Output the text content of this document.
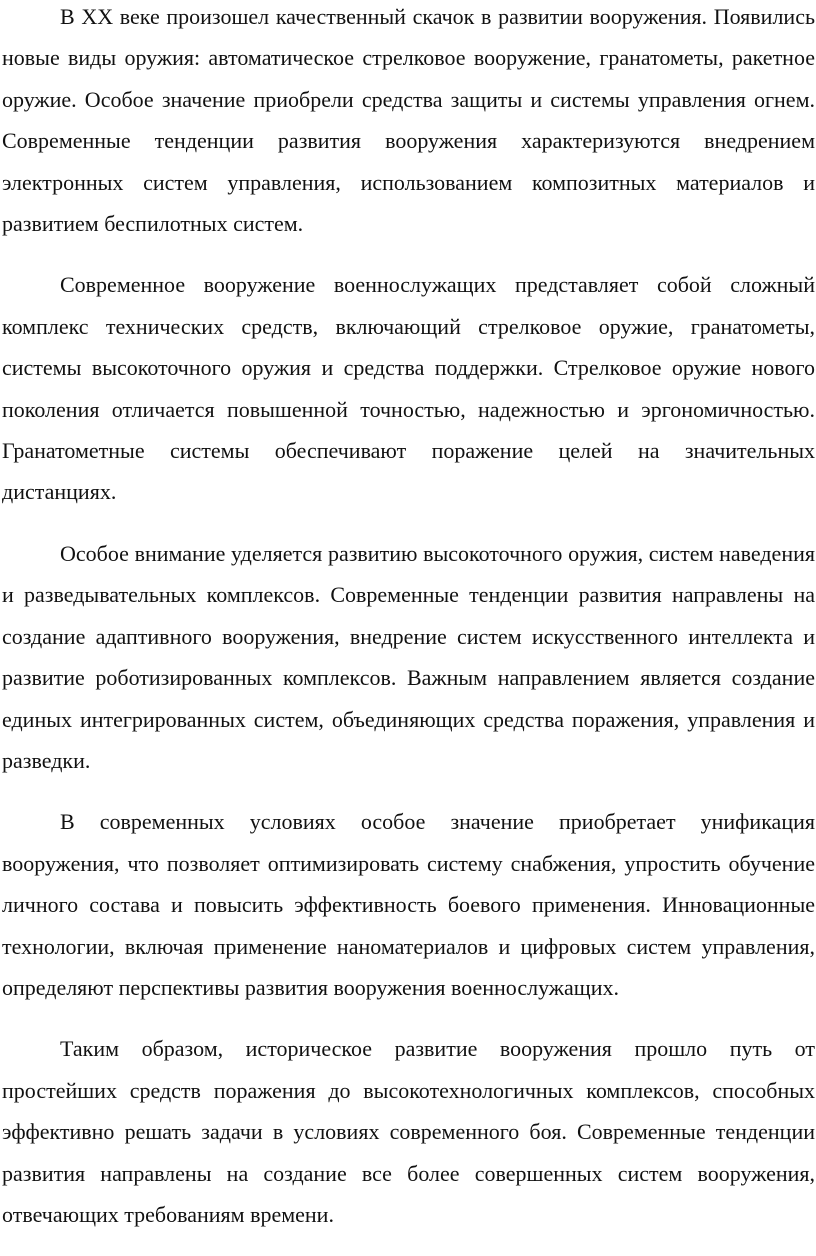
В XX веке произошел качественный скачок в развитии вооружения. Появились новые виды оружия: автоматическое стрелковое вооружение, гранатометы, ракетное оружие. Особое значение приобрели средства защиты и системы управления огнем. Современные тенденции развития вооружения характеризуются внедрением электронных систем управления, использованием композитных материалов и развитием беспилотных систем.

Современное вооружение военнослужащих представляет собой сложный комплекс технических средств, включающий стрелковое оружие, гранатометы, системы высокоточного оружия и средства поддержки. Стрелковое оружие нового поколения отличается повышенной точностью, надежностью и эргономичностью. Гранатометные системы обеспечивают поражение целей на значительных дистанциях.

Особое внимание уделяется развитию высокоточного оружия, систем наведения и разведывательных комплексов. Современные тенденции развития направлены на создание адаптивного вооружения, внедрение систем искусственного интеллекта и развитие роботизированных комплексов. Важным направлением является создание единых интегрированных систем, объединяющих средства поражения, управления и разведки.

В современных условиях особое значение приобретает унификация вооружения, что позволяет оптимизировать систему снабжения, упростить обучение личного состава и повысить эффективность боевого применения. Инновационные технологии, включая применение наноматериалов и цифровых систем управления, определяют перспективы развития вооружения военнослужащих.

Таким образом, историческое развитие вооружения прошло путь от простейших средств поражения до высокотехнологичных комплексов, способных эффективно решать задачи в условиях современного боя. Современные тенденции развития направлены на создание все более совершенных систем вооружения, отвечающих требованиям времени.
